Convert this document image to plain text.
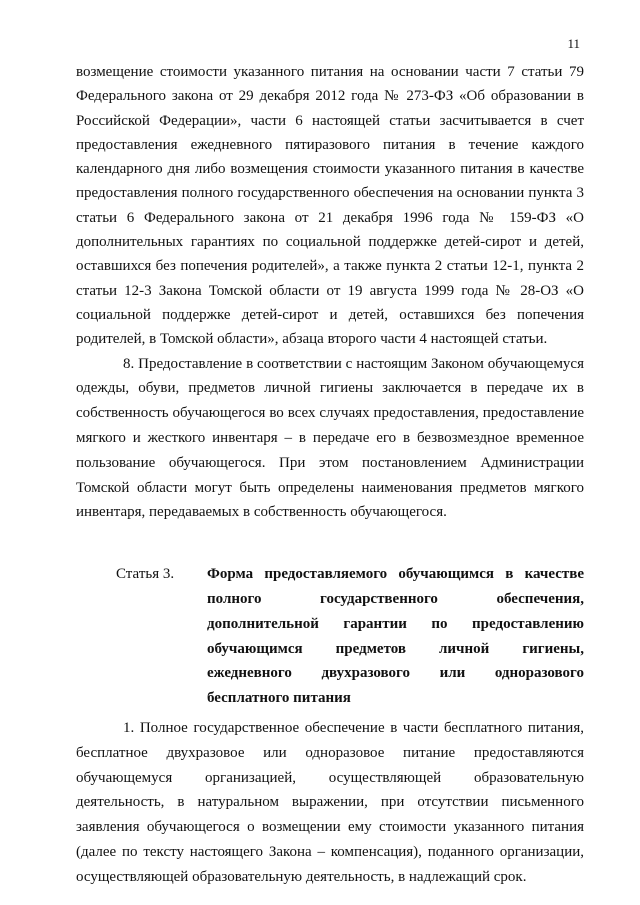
11

возмещение стоимости указанного питания на основании части 7 статьи 79 Федерального закона от 29 декабря 2012 года № 273-ФЗ «Об образовании в Российской Федерации», части 6 настоящей статьи засчитывается в счет предоставления ежедневного пятиразового питания в течение каждого календарного дня либо возмещения стоимости указанного питания в качестве предоставления полного государственного обеспечения на основании пункта 3 статьи 6 Федерального закона от 21 декабря 1996 года № 159-ФЗ «О дополнительных гарантиях по социальной поддержке детей-сирот и детей, оставшихся без попечения родителей», а также пункта 2 статьи 12-1, пункта 2 статьи 12-3 Закона Томской области от 19 августа 1999 года № 28-ОЗ «О социальной поддержке детей-сирот и детей, оставшихся без попечения родителей, в Томской области», абзаца второго части 4 настоящей статьи.

8. Предоставление в соответствии с настоящим Законом обучающемуся одежды, обуви, предметов личной гигиены заключается в передаче их в собственность обучающегося во всех случаях предоставления, предоставление мягкого и жесткого инвентаря – в передаче его в безвозмездное временное пользование обучающегося. При этом постановлением Администрации Томской области могут быть определены наименования предметов мягкого инвентаря, передаваемых в собственность обучающегося.

Статья 3.	Форма предоставляемого обучающимся в качестве полного государственного обеспечения, дополнительной гарантии по предоставлению обучающимся предметов личной гигиены, ежедневного двухразового или одноразового бесплатного питания

1. Полное государственное обеспечение в части бесплатного питания, бесплатное двухразовое или одноразовое питание предоставляются обучающемуся организацией, осуществляющей образовательную деятельность, в натуральном выражении, при отсутствии письменного заявления обучающегося о возмещении ему стоимости указанного питания (далее по тексту настоящего Закона – компенсация), поданного организации, осуществляющей образовательную деятельность, в надлежащий срок.
